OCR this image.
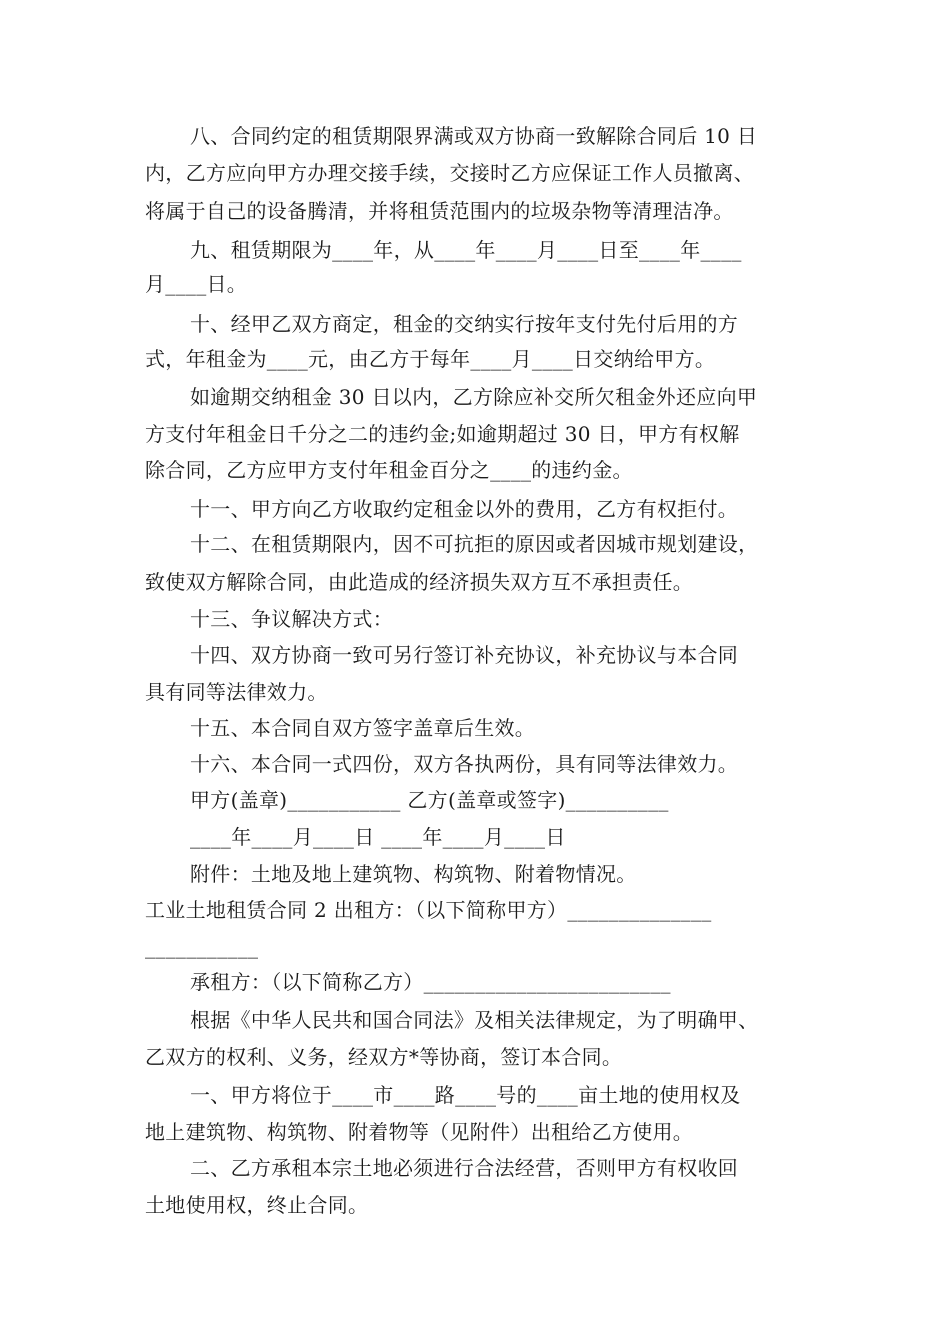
八、合同约定的租赁期限界满或双方协商一致解除合同后 10 日
内，乙方应向甲方办理交接手续，交接时乙方应保证工作人员撤离、
将属于自己的设备腾清，并将租赁范围内的垃圾杂物等清理洁净。
九、租赁期限为____年，从____年____月____日至____年____
月____日。
十、经甲乙双方商定，租金的交纳实行按年支付先付后用的方
式，年租金为____元，由乙方于每年____月____日交纳给甲方。
如逾期交纳租金 30 日以内，乙方除应补交所欠租金外还应向甲
方支付年租金日千分之二的违约金;如逾期超过 30 日，甲方有权解
除合同，乙方应甲方支付年租金百分之____的违约金。
十一、甲方向乙方收取约定租金以外的费用，乙方有权拒付。
十二、在租赁期限内，因不可抗拒的原因或者因城市规划建设，
致使双方解除合同，由此造成的经济损失双方互不承担责任。
十三、争议解决方式：
十四、双方协商一致可另行签订补充协议，补充协议与本合同
具有同等法律效力。
十五、本合同自双方签字盖章后生效。
十六、本合同一式四份，双方各执两份，具有同等法律效力。
甲方(盖章)___________ 乙方(盖章或签字)__________
____年____月____日 ____年____月____日
附件：土地及地上建筑物、构筑物、附着物情况。
工业土地租赁合同 2 出租方：（以下简称甲方）______________
___________
承租方：（以下简称乙方）________________________
根据《中华人民共和国合同法》及相关法律规定，为了明确甲、
乙双方的权利、义务，经双方*等协商，签订本合同。
一、甲方将位于____市____路____号的____亩土地的使用权及
地上建筑物、构筑物、附着物等（见附件）出租给乙方使用。
二、乙方承租本宗土地必须进行合法经营，否则甲方有权收回
土地使用权，终止合同。
